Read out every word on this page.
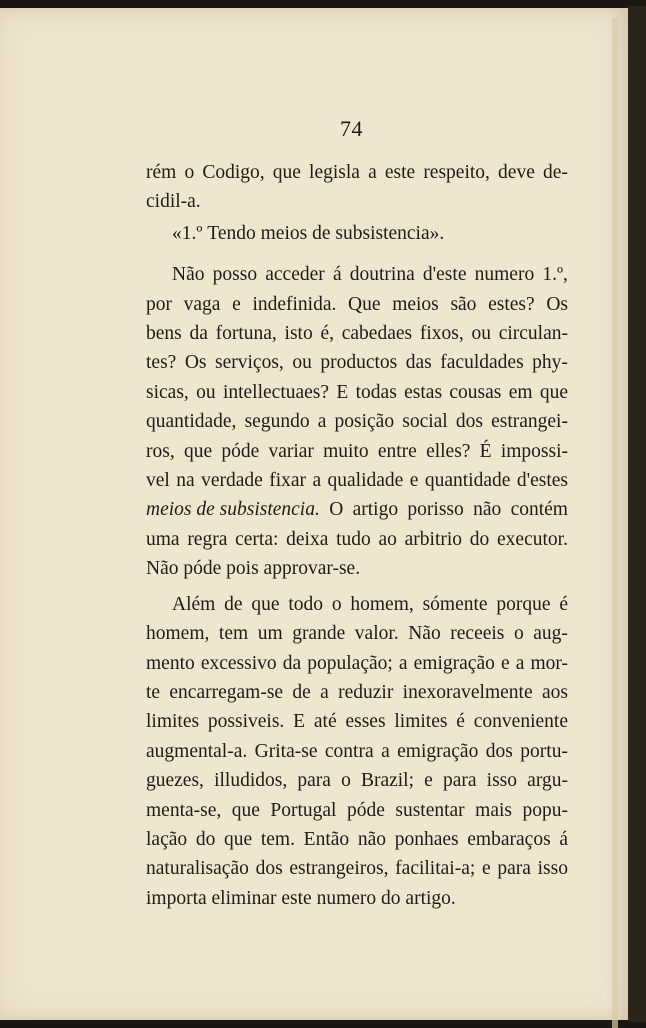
74
rém o Codigo, que legisla a este respeito, deve de-
cidil-a.
«1.º
Tendo
meios
de
subsistencia».
Não posso acceder á doutrina d'este numero 1.º,
por vaga e indefinida. Que meios são estes? Os
bens da fortuna, isto é, cabedaes fixos, ou circulan-
tes? Os serviços, ou productos das faculdades phy-
sicas, ou intellectuaes? E todas estas cousas em que
quantidade, segundo a posição social dos estrangei-
ros, que póde variar muito entre elles? É impossi-
vel na verdade fixar a qualidade e quantidade d'estes
meios de subsistencia. O artigo porisso não contém
uma regra certa: deixa tudo ao arbitrio do executor.
Não
póde
pois
approvar-se.
Além de que todo o homem, sómente porque é
homem, tem um grande valor. Não receeis o aug-
mento excessivo da população; a emigração e a mor-
te encarregam-se de a reduzir inexoravelmente aos
limites possiveis. E até esses limites é conveniente
augmental-a. Grita-se contra a emigração dos portu-
guezes, illudidos, para o Brazil; e para isso argu-
menta-se, que Portugal póde sustentar mais popu-
lação do que tem. Então não ponhaes embaraços á
naturalisação dos estrangeiros, facilitai-a; e para isso
importa
eliminar
este
numero
do
artigo.
